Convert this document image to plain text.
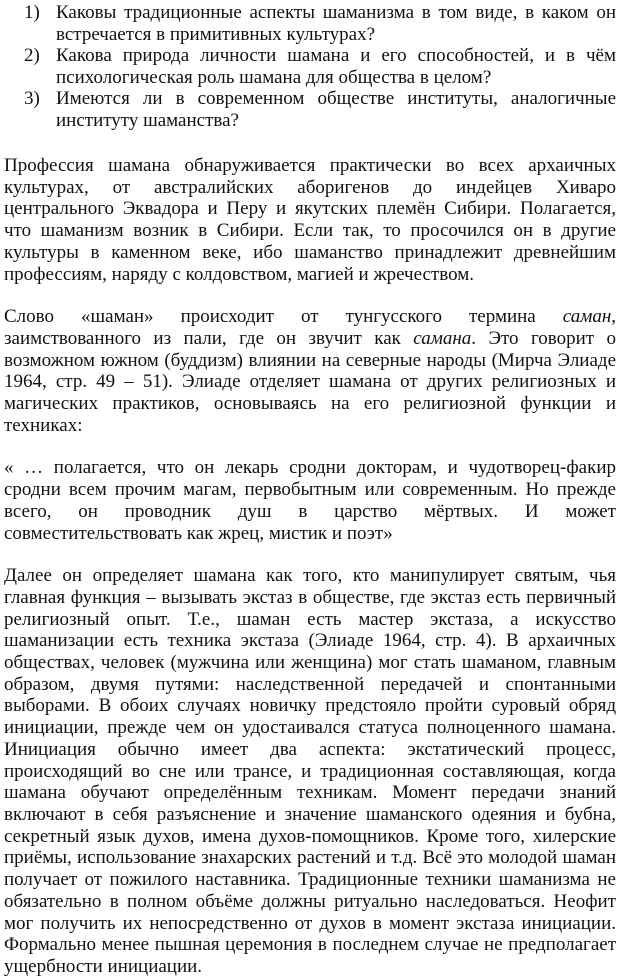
1) Каковы традиционные аспекты шаманизма в том виде, в каком он встречается в примитивных культурах?
2) Какова природа личности шамана и его способностей, и в чём психологическая роль шамана для общества в целом?
3) Имеются ли в современном обществе институты, аналогичные институту шаманства?

Профессия шамана обнаруживается практически во всех архаичных культурах, от австралийских аборигенов до индейцев Хиваро центрального Эквадора и Перу и якутских племён Сибири. Полагается, что шаманизм возник в Сибири. Если так, то просочился он в другие культуры в каменном веке, ибо шаманство принадлежит древнейшим профессиям, наряду с колдовством, магией и жречеством.

Слово «шаман» происходит от тунгусского термина саман, заимствованного из пали, где он звучит как самана. Это говорит о возможном южном (буддизм) влиянии на северные народы (Мирча Элиаде 1964, стр. 49 – 51). Элиаде отделяет шамана от других религиозных и магических практиков, основываясь на его религиозной функции и техниках:

« … полагается, что он лекарь сродни докторам, и чудотворец-факир сродни всем прочим магам, первобытным или современным. Но прежде всего, он проводник душ в царство мёртвых. И может совместительствовать как жрец, мистик и поэт»

Далее он определяет шамана как того, кто манипулирует святым, чья главная функция – вызывать экстаз в обществе, где экстаз есть первичный религиозный опыт. Т.е., шаман есть мастер экстаза, а искусство шаманизации есть техника экстаза (Элиаде 1964, стр. 4). В архаичных обществах, человек (мужчина или женщина) мог стать шаманом, главным образом, двумя путями: наследственной передачей и спонтанными выборами. В обоих случаях новичку предстояло пройти суровый обряд инициации, прежде чем он удостаивался статуса полноценного шамана. Инициация обычно имеет два аспекта: экстатический процесс, происходящий во сне или трансе, и традиционная составляющая, когда шамана обучают определённым техникам. Момент передачи знаний включают в себя разъяснение и значение шаманского одеяния и бубна, секретный язык духов, имена духов-помощников. Кроме того, хилерские приёмы, использование знахарских растений и т.д. Всё это молодой шаман получает от пожилого наставника. Традиционные техники шаманизма не обязательно в полном объёме должны ритуально наследоваться. Неофит мог получить их непосредственно от духов в момент экстаза инициации. Формально менее пышная церемония в последнем случае не предполагает ущербности инициации.
